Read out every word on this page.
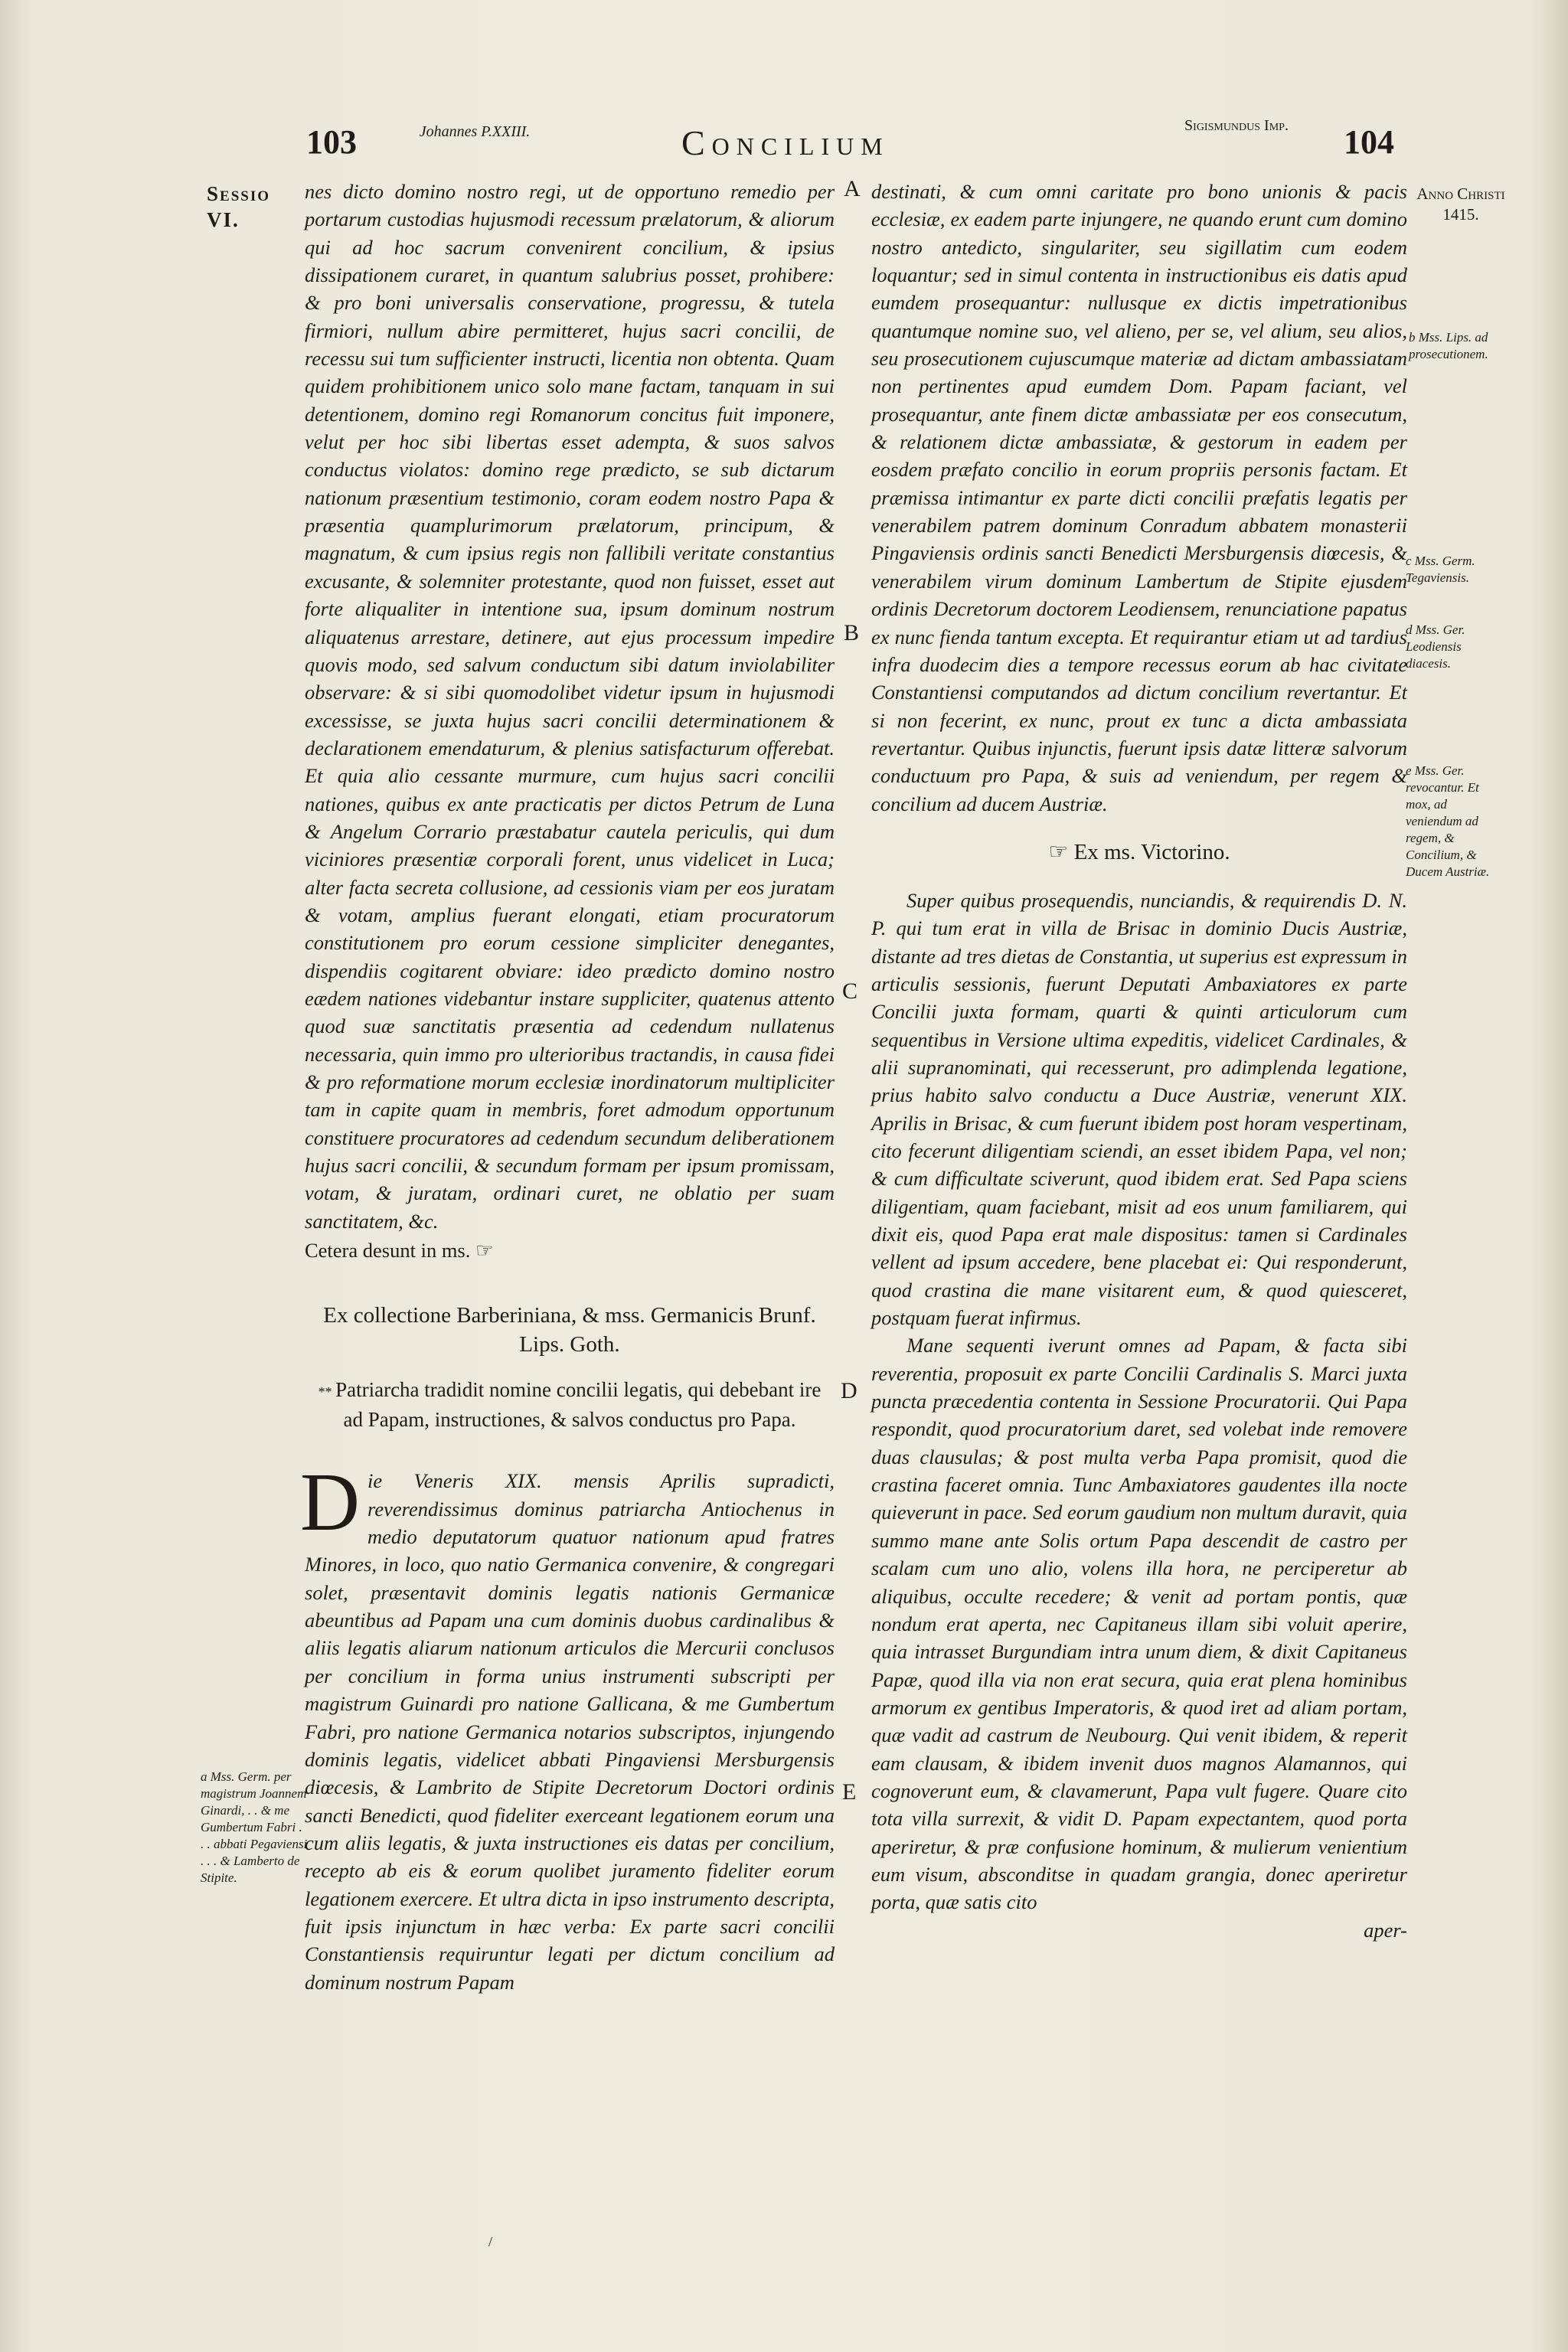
103	Johannes P.XXIII.	Concilium	Sigismundus Imp.	104
Sessio VI.
Anno Christi 1415.
A
B
C
D
E
a Mss. Germ. per magistrum Joannem Ginardi, . . & me Gumbertum Fabri . . . abbati Pegaviensi . . . & Lamberto de Stipite.
b Mss. Lips. ad prosecutionem.
c Mss. Germ. Tegaviensis.
d Mss. Ger. Leodiensis diacesis.
e Mss. Ger. revocantur. Et mox, ad veniendum ad regem, & Concilium, & Ducem Austriæ.

nes dicto domino nostro regi, ut de opportuno remedio per portarum custodias hujusmodi recessum prælatorum, & aliorum qui ad hoc sacrum convenirent concilium, & ipsius dissipationem curaret, in quantum salubrius posset, prohibere: & pro boni universalis conservatione, progressu, & tutela firmiori, nullum abire permitteret, hujus sacri concilii, de recessu sui tum sufficienter instructi, licentia non obtenta. Quam quidem prohibitionem unico solo mane factam, tanquam in sui detentionem, domino regi Romanorum concitus fuit imponere, velut per hoc sibi libertas esset adempta, & suos salvos conductus violatos: domino rege prædicto, se sub dictarum nationum præsentium testimonio, coram eodem nostro Papa & præsentia quamplurimorum prælatorum, principum, & magnatum, & cum ipsius regis non fallibili veritate constantius excusante, & solemniter protestante, quod non fuisset, esset aut forte aliqualiter in intentione sua, ipsum dominum nostrum aliquatenus arrestare, detinere, aut ejus processum impedire quovis modo, sed salvum conductum sibi datum inviolabiliter observare: & si sibi quomodolibet videtur ipsum in hujusmodi excessisse, se juxta hujus sacri concilii determinationem & declarationem emendaturum, & plenius satisfacturum offerebat. Et quia alio cessante murmure, cum hujus sacri concilii nationes, quibus ex ante practicatis per dictos Petrum de Luna & Angelum Corrario præstabatur cautela periculis, qui dum viciniores præsentiæ corporali forent, unus videlicet in Luca; alter facta secreta collusione, ad cessionis viam per eos juratam & votam, amplius fuerant elongati, etiam procuratorum constitutionem pro eorum cessione simpliciter denegantes, dispendiis cogitarent obviare: ideo prædicto domino nostro eædem nationes videbantur instare suppliciter, quatenus attento quod suæ sanctitatis præsentia ad cedendum nullatenus necessaria, quin immo pro ulterioribus tractandis, in causa fidei & pro reformatione morum ecclesiæ inordinatorum multipliciter tam in capite quam in membris, foret admodum opportunum constituere procuratores ad cedendum secundum deliberationem hujus sacri concilii, & secundum formam per ipsum promissam, votam, & juratam, ordinari curet, ne oblatio per suam sanctitatem, &c.

Cetera desunt in ms. ☞

Ex collectione Barberiniana, & mss. Germanicis Brunf. Lips. Goth.
** Patriarcha tradidit nomine concilii legatis, qui debebant ire ad Papam, instructiones, & salvos conductus pro Papa.

Die Veneris XIX. mensis Aprilis supradicti, reverendissimus dominus patriarcha Antiochenus in medio deputatorum quatuor nationum apud fratres Minores, in loco, quo natio Germanica convenire, & congregari solet, præsentavit dominis legatis nationis Germanicæ abeuntibus ad Papam una cum dominis duobus cardinalibus & aliis legatis aliarum nationum articulos die Mercurii conclusos per concilium in forma unius instrumenti subscripti per magistrum Guinardi pro natione Gallicana, & me Gumbertum Fabri, pro natione Germanica notarios subscriptos, injungendo dominis legatis, videlicet abbati Pingaviensi Mersburgensis diœcesis, & Lambrito de Stipite Decretorum Doctori ordinis sancti Benedicti, quod fideliter exerceant legationem eorum una cum aliis legatis, & juxta instructiones eis datas per concilium, recepto ab eis & eorum quolibet juramento fideliter eorum legationem exercere. Et ultra dicta in ipso instrumento descripta, fuit ipsis injunctum in hæc verba: Ex parte sacri concilii Constantiensis requiruntur legati per dictum concilium ad dominum nostrum Papam

destinati, & cum omni caritate pro bono unionis & pacis ecclesiæ, ex eadem parte injungere, ne quando erunt cum domino nostro antedicto, singulariter, seu sigillatim cum eodem loquantur; sed in simul contenta in instructionibus eis datis apud eumdem prosequantur: nullusque ex dictis impetrationibus quantumque nomine suo, vel alieno, per se, vel alium, seu alios, seu prosecutionem cujuscumque materiæ ad dictam ambassiatam non pertinentes apud eumdem Dom. Papam faciant, vel prosequantur, ante finem dictæ ambassiatæ per eos consecutum, & relationem dictæ ambassiatæ, & gestorum in eadem per eosdem præfato concilio in eorum propriis personis factam. Et præmissa intimantur ex parte dicti concilii præfatis legatis per venerabilem patrem dominum Conradum abbatem monasterii Pingaviensis ordinis sancti Benedicti Mersburgensis diœcesis, & venerabilem virum dominum Lambertum de Stipite ejusdem ordinis Decretorum doctorem Leodiensem, renunciatione papatus ex nunc fienda tantum excepta. Et requirantur etiam ut ad tardius infra duodecim dies a tempore recessus eorum ab hac civitate Constantiensi computandos ad dictum concilium revertantur. Et si non fecerint, ex nunc, prout ex tunc a dicta ambassiata revertantur. Quibus injunctis, fuerunt ipsis datæ litteræ salvorum conductuum pro Papa, & suis ad veniendum, per regem & concilium ad ducem Austriæ.

☞ Ex ms. Victorino.

Super quibus prosequendis, nunciandis, & requirendis D. N. P. qui tum erat in villa de Brisac in dominio Ducis Austriæ, distante ad tres dietas de Constantia, ut superius est expressum in articulis sessionis, fuerunt Deputati Ambaxiatores ex parte Concilii juxta formam, quarti & quinti articulorum cum sequentibus in Versione ultima expeditis, videlicet Cardinales, & alii supranominati, qui recesserunt, pro adimplenda legatione, prius habito salvo conductu a Duce Austriæ, venerunt XIX. Aprilis in Brisac, & cum fuerunt ibidem post horam vespertinam, cito fecerunt diligentiam sciendi, an esset ibidem Papa, vel non; & cum difficultate sciverunt, quod ibidem erat. Sed Papa sciens diligentiam, quam faciebant, misit ad eos unum familiarem, qui dixit eis, quod Papa erat male dispositus: tamen si Cardinales vellent ad ipsum accedere, bene placebat ei: Qui responderunt, quod crastina die mane visitarent eum, & quod quiesceret, postquam fuerat infirmus.

Mane sequenti iverunt omnes ad Papam, & facta sibi reverentia, proposuit ex parte Concilii Cardinalis S. Marci juxta puncta præcedentia contenta in Sessione Procuratorii. Qui Papa respondit, quod procuratorium daret, sed volebat inde removere duas clausulas; & post multa verba Papa promisit, quod die crastina faceret omnia. Tunc Ambaxiatores gaudentes illa nocte quieverunt in pace. Sed eorum gaudium non multum duravit, quia summo mane ante Solis ortum Papa descendit de castro per scalam cum uno alio, volens illa hora, ne perciperetur ab aliquibus, occulte recedere; & venit ad portam pontis, quæ nondum erat aperta, nec Capitaneus illam sibi voluit aperire, quia intrasset Burgundiam intra unum diem, & dixit Capitaneus Papæ, quod illa via non erat secura, quia erat plena hominibus armorum ex gentibus Imperatoris, & quod iret ad aliam portam, quæ vadit ad castrum de Neubourg. Qui venit ibidem, & reperit eam clausam, & ibidem invenit duos magnos Alamannos, qui cognoverunt eum, & clavamerunt, Papa vult fugere. Quare cito tota villa surrexit, & vidit D. Papam expectantem, quod porta aperiretur, & præ confusione hominum, & mulierum venientium eum visum, absconditse in quadam grangia, donec aperiretur porta, quæ satis cito

aper-

/
